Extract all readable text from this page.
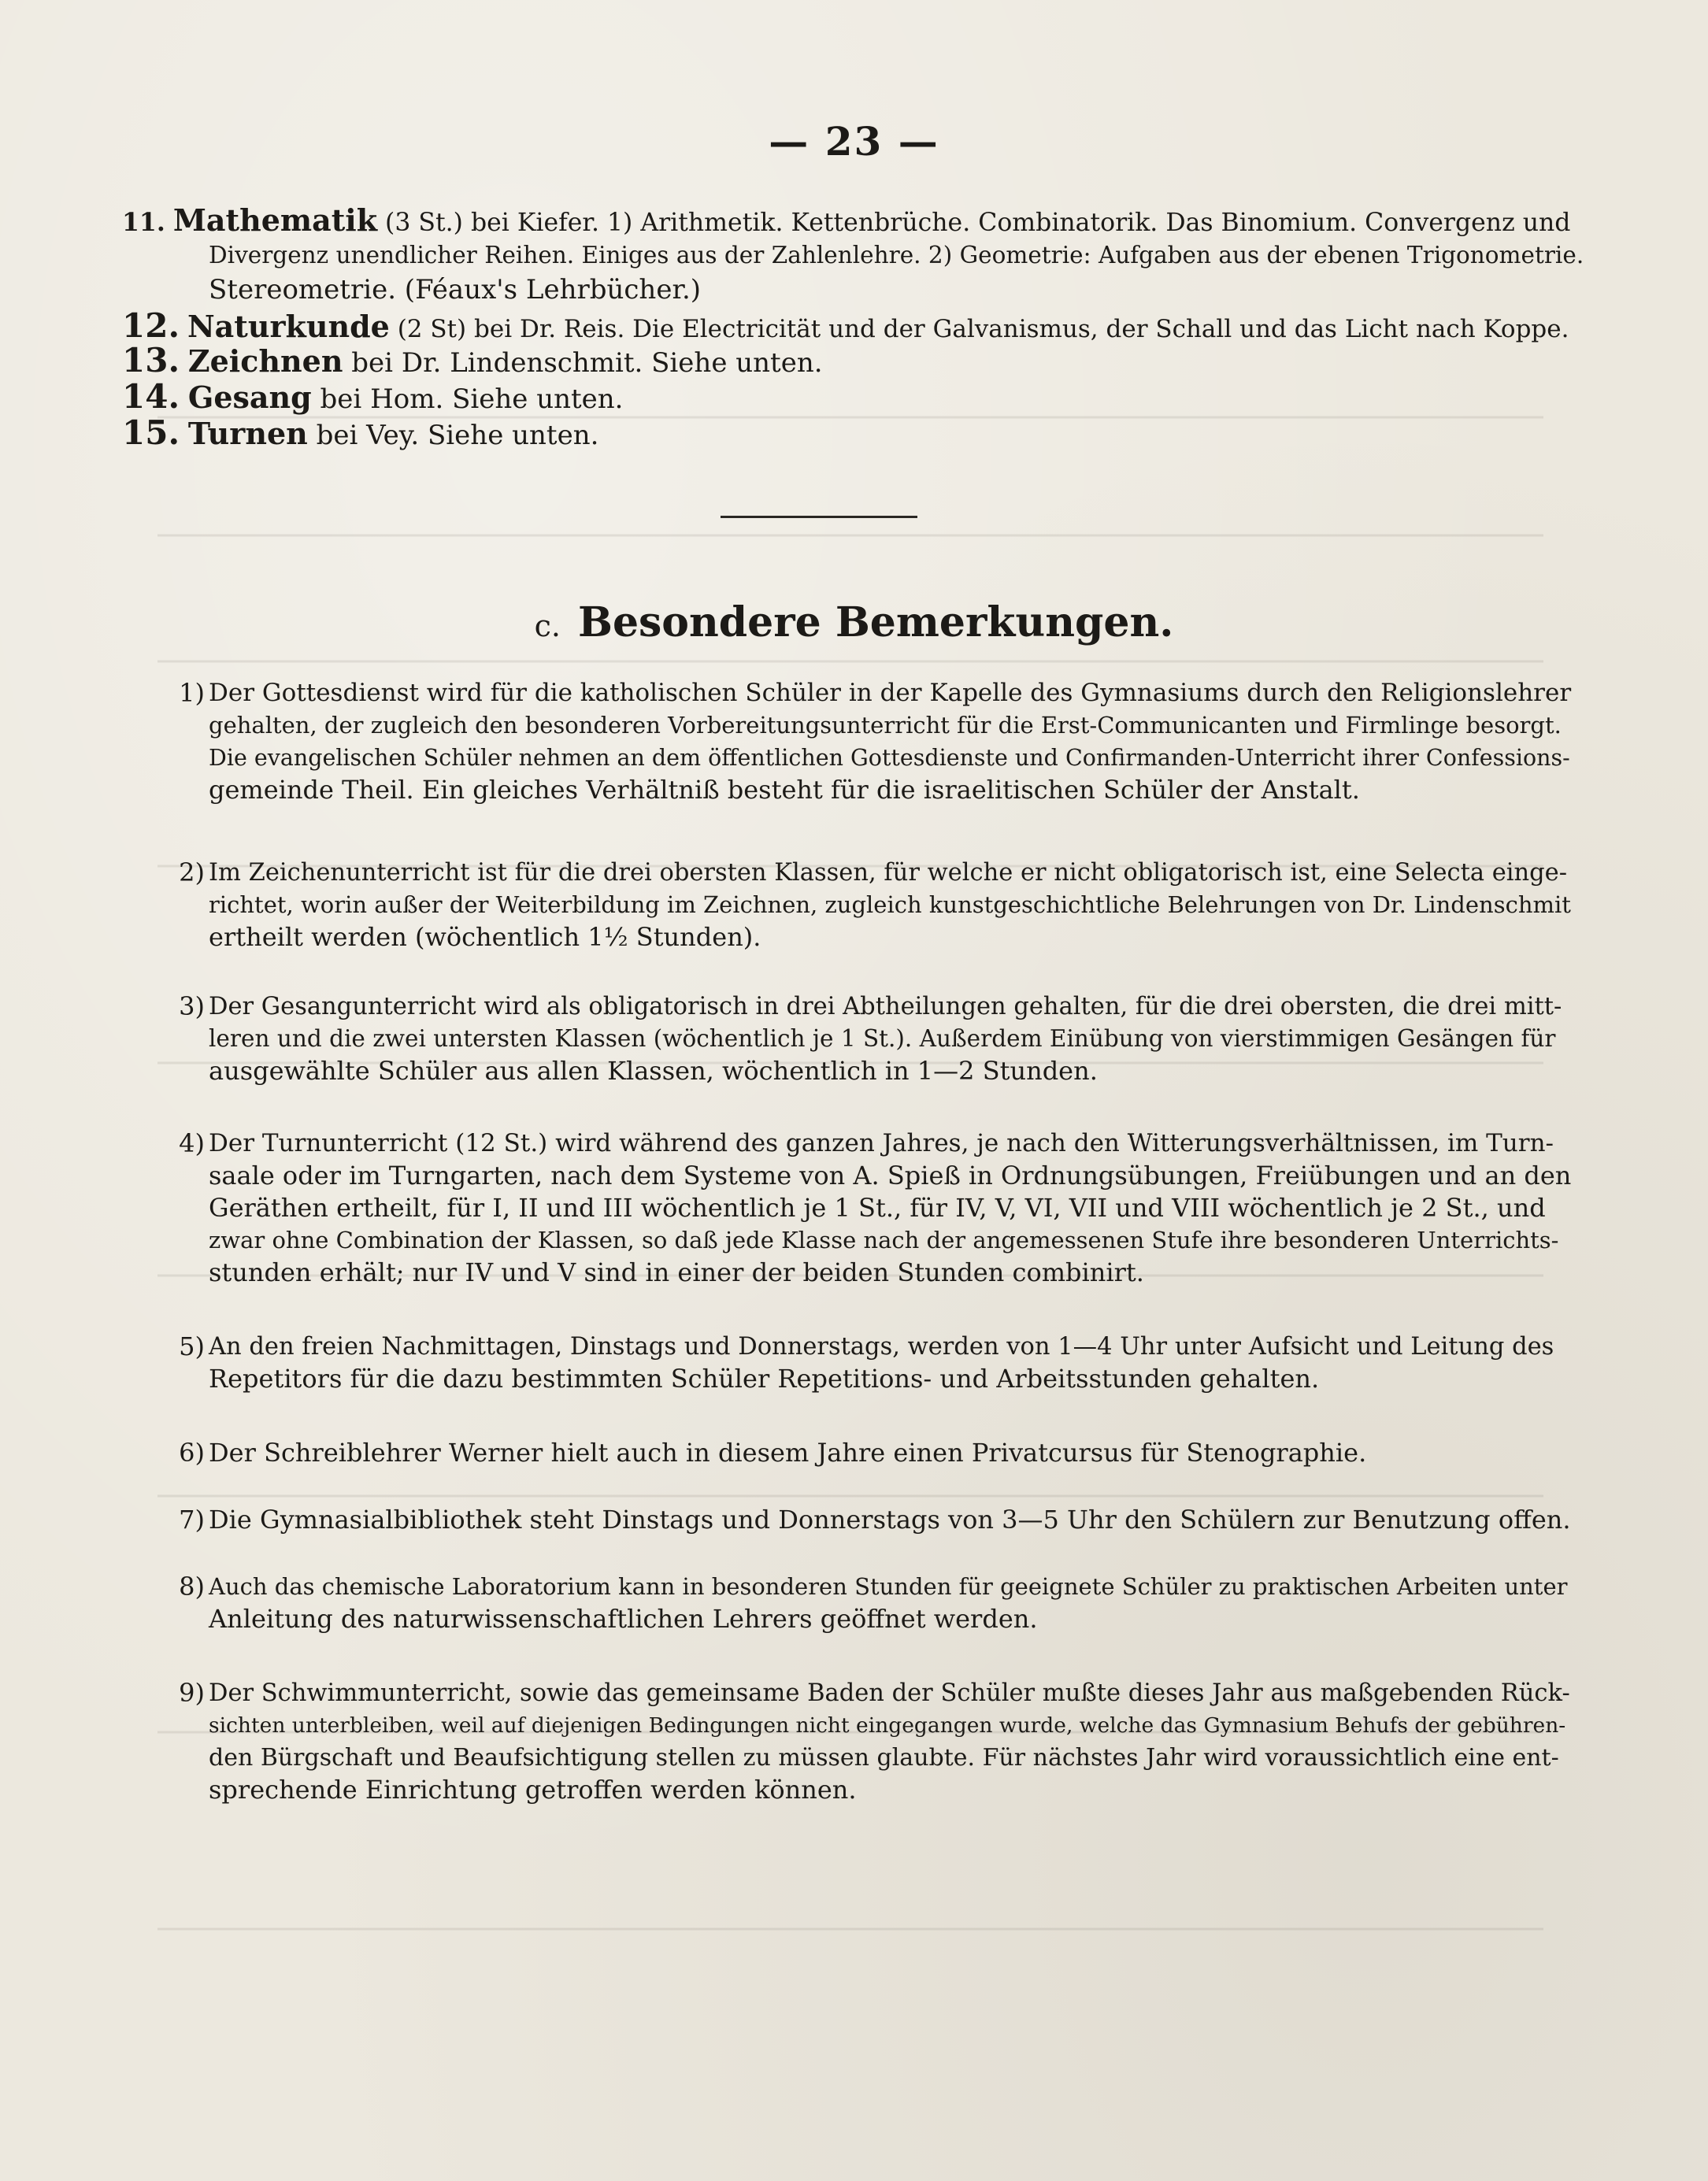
— 23 —
11. Mathematik (3 St.) bei Kiefer. 1) Arithmetik. Kettenbrüche. Combinatorik. Das Binomium. Convergenz und
Divergenz unendlicher Reihen. Einiges aus der Zahlenlehre. 2) Geometrie: Aufgaben aus der ebenen Trigonometrie.
Stereometrie. (Féaux's Lehrbücher.)
12. Naturkunde (2 St) bei Dr. Reis. Die Electricität und der Galvanismus, der Schall und das Licht nach Koppe.
13. Zeichnen bei Dr. Lindenschmit. Siehe unten.
14. Gesang bei Hom. Siehe unten.
15. Turnen bei Vey. Siehe unten.
c. Besondere Bemerkungen.
1) Der Gottesdienst wird für die katholischen Schüler in der Kapelle des Gymnasiums durch den Religionslehrer
gehalten, der zugleich den besonderen Vorbereitungsunterricht für die Erst-Communicanten und Firmlinge besorgt.
Die evangelischen Schüler nehmen an dem öffentlichen Gottesdienste und Confirmanden-Unterricht ihrer Confessions-
gemeinde Theil. Ein gleiches Verhältniß besteht für die israelitischen Schüler der Anstalt.
2) Im Zeichenunterricht ist für die drei obersten Klassen, für welche er nicht obligatorisch ist, eine Selecta einge-
richtet, worin außer der Weiterbildung im Zeichnen, zugleich kunstgeschichtliche Belehrungen von Dr. Lindenschmit
ertheilt werden (wöchentlich 1½ Stunden).
3) Der Gesangunterricht wird als obligatorisch in drei Abtheilungen gehalten, für die drei obersten, die drei mitt-
leren und die zwei untersten Klassen (wöchentlich je 1 St.). Außerdem Einübung von vierstimmigen Gesängen für
ausgewählte Schüler aus allen Klassen, wöchentlich in 1—2 Stunden.
4) Der Turnunterricht (12 St.) wird während des ganzen Jahres, je nach den Witterungsverhältnissen, im Turn-
saale oder im Turngarten, nach dem Systeme von A. Spieß in Ordnungsübungen, Freiübungen und an den
Geräthen ertheilt, für I, II und III wöchentlich je 1 St., für IV, V, VI, VII und VIII wöchentlich je 2 St., und
zwar ohne Combination der Klassen, so daß jede Klasse nach der angemessenen Stufe ihre besonderen Unterrichts-
stunden erhält; nur IV und V sind in einer der beiden Stunden combinirt.
5) An den freien Nachmittagen, Dinstags und Donnerstags, werden von 1—4 Uhr unter Aufsicht und Leitung des
Repetitors für die dazu bestimmten Schüler Repetitions- und Arbeitsstunden gehalten.
6) Der Schreiblehrer Werner hielt auch in diesem Jahre einen Privatcursus für Stenographie.
7) Die Gymnasialbibliothek steht Dinstags und Donnerstags von 3—5 Uhr den Schülern zur Benutzung offen.
8) Auch das chemische Laboratorium kann in besonderen Stunden für geeignete Schüler zu praktischen Arbeiten unter
Anleitung des naturwissenschaftlichen Lehrers geöffnet werden.
9) Der Schwimmunterricht, sowie das gemeinsame Baden der Schüler mußte dieses Jahr aus maßgebenden Rück-
sichten unterbleiben, weil auf diejenigen Bedingungen nicht eingegangen wurde, welche das Gymnasium Behufs der gebühren-
den Bürgschaft und Beaufsichtigung stellen zu müssen glaubte. Für nächstes Jahr wird voraussichtlich eine ent-
sprechende Einrichtung getroffen werden können.
